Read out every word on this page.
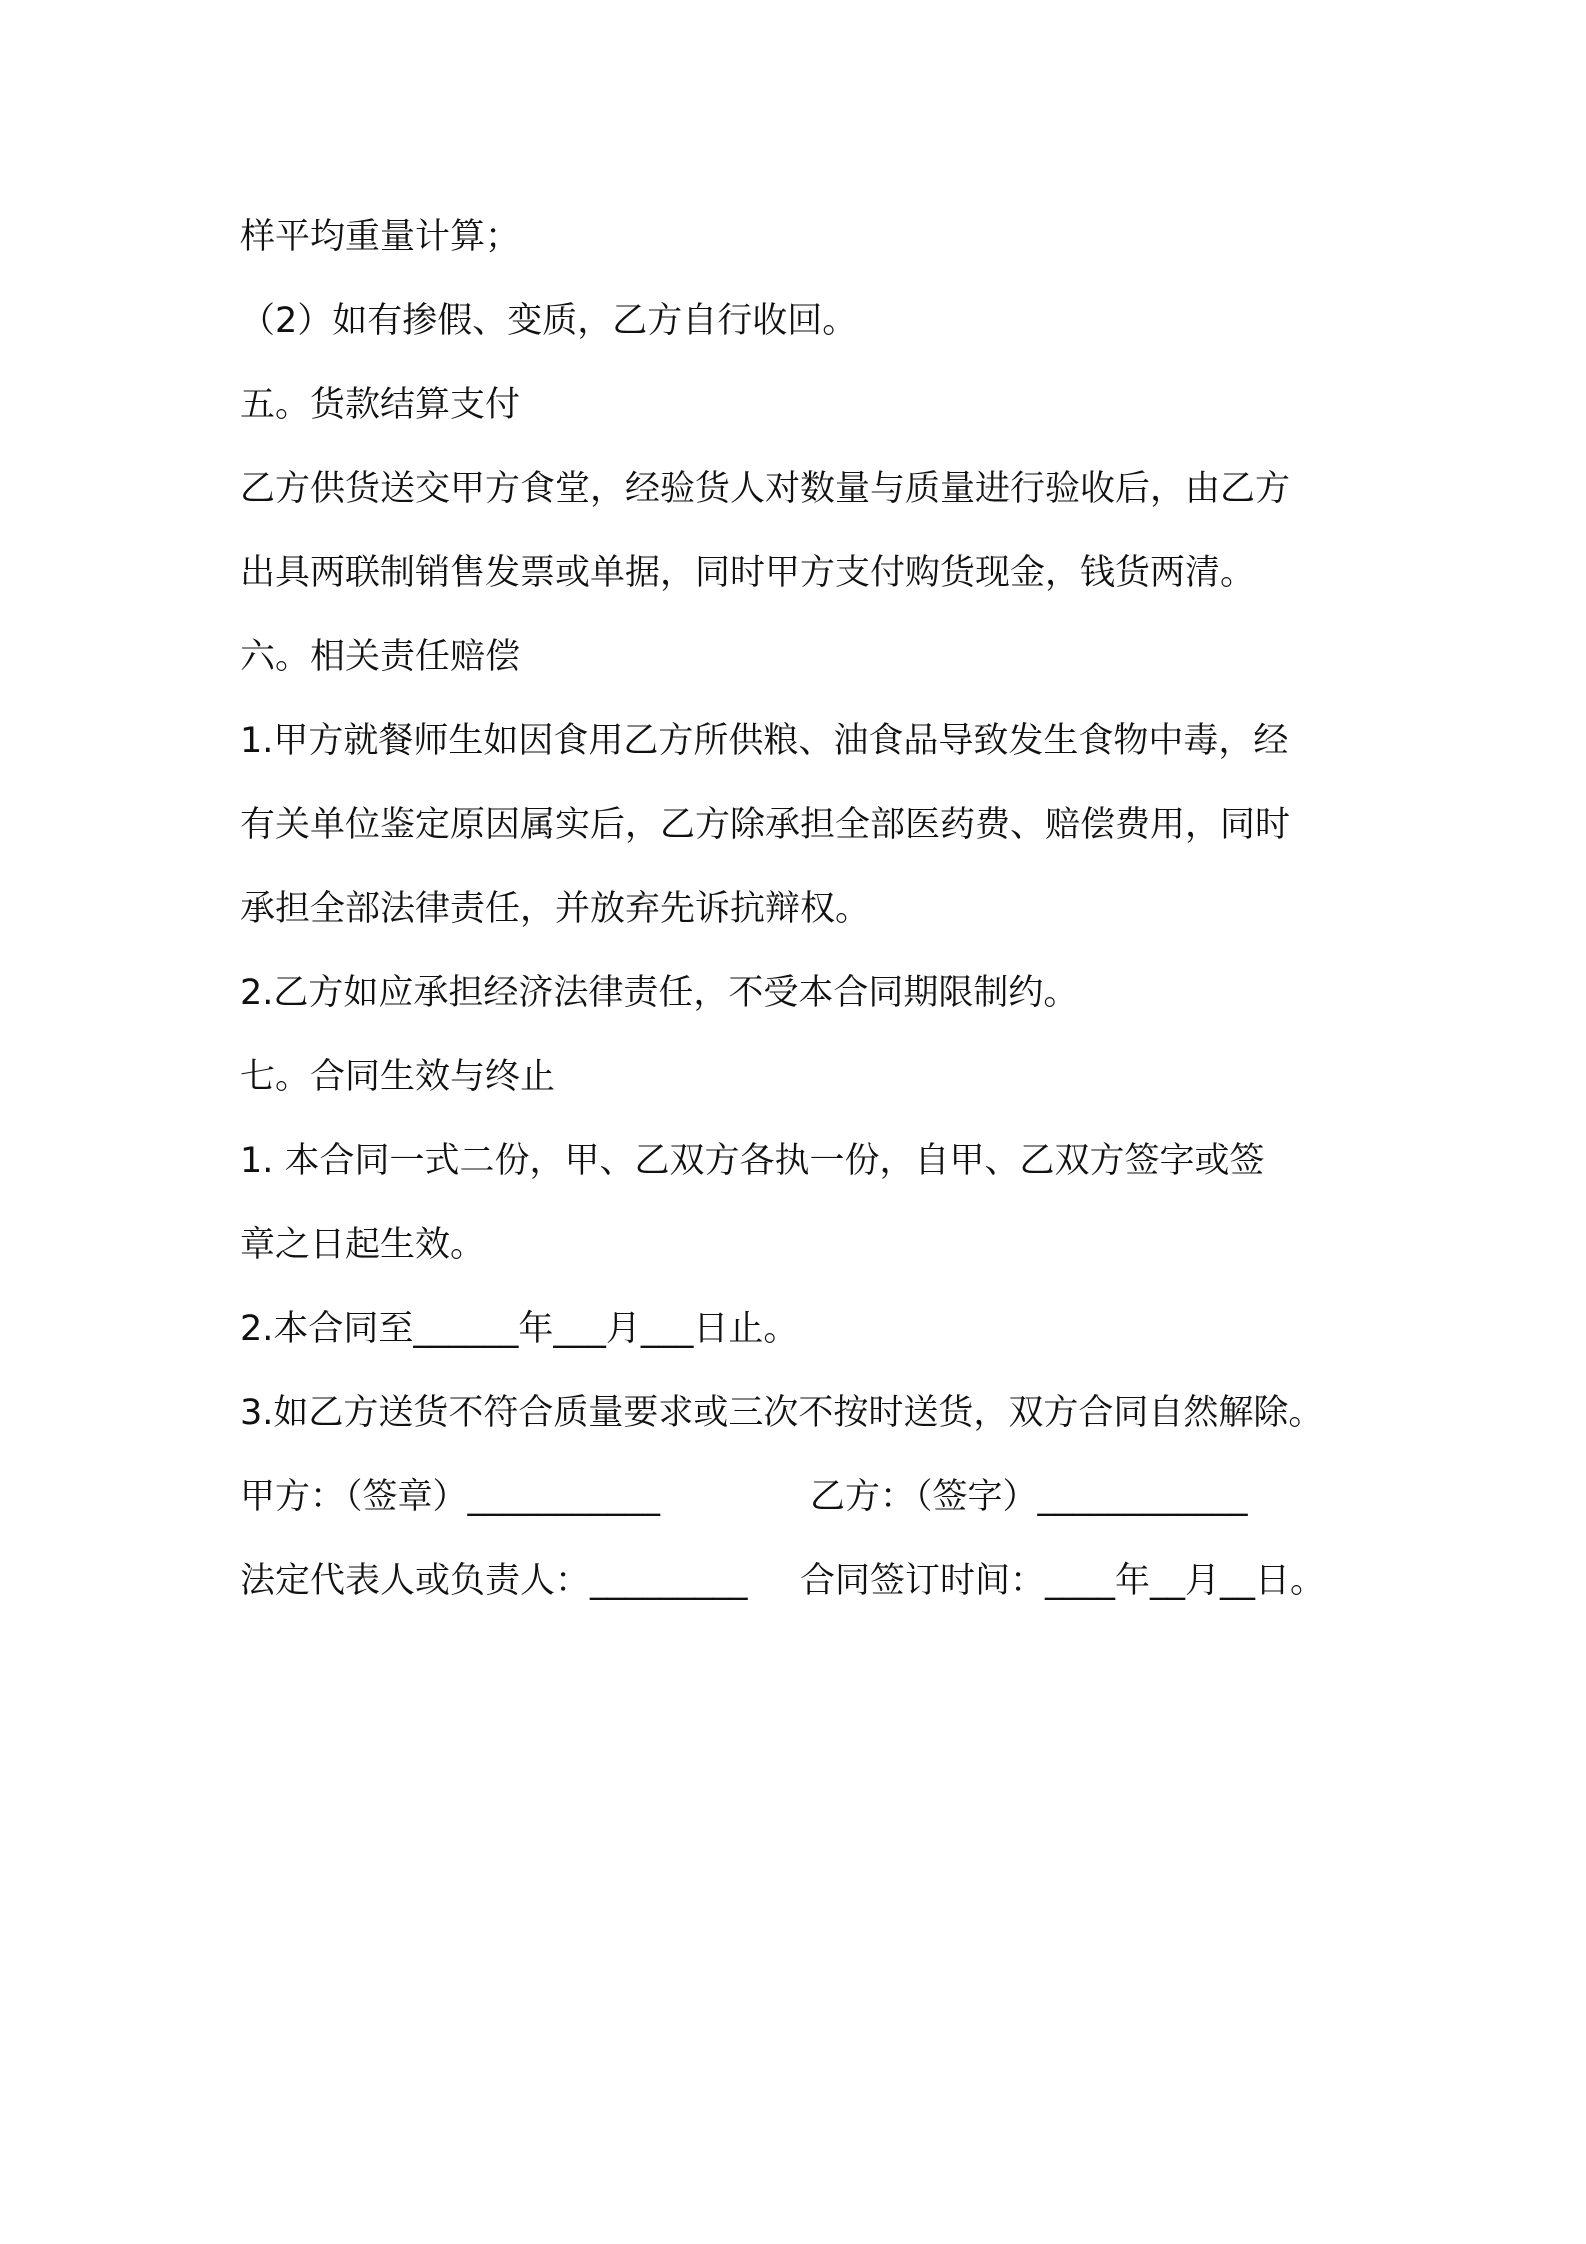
样平均重量计算；
（2）如有掺假、变质，乙方自行收回。
五。货款结算支付
乙方供货送交甲方食堂，经验货人对数量与质量进行验收后，由乙方
出具两联制销售发票或单据，同时甲方支付购货现金，钱货两清。
六。相关责任赔偿
1.甲方就餐师生如因食用乙方所供粮、油食品导致发生食物中毒，经
有关单位鉴定原因属实后，乙方除承担全部医药费、赔偿费用，同时
承担全部法律责任，并放弃先诉抗辩权。
2.乙方如应承担经济法律责任，不受本合同期限制约。
七。合同生效与终止
1. 本合同一式二份，甲、乙双方各执一份，自甲、乙双方签字或签
章之日起生效。
2.本合同至______年___月___日止。
3.如乙方送货不符合质量要求或三次不按时送货，双方合同自然解除。
甲方：（签章）___________	乙方：（签字）____________
法定代表人或负责人：_________	合同签订时间：____年__月__日。
